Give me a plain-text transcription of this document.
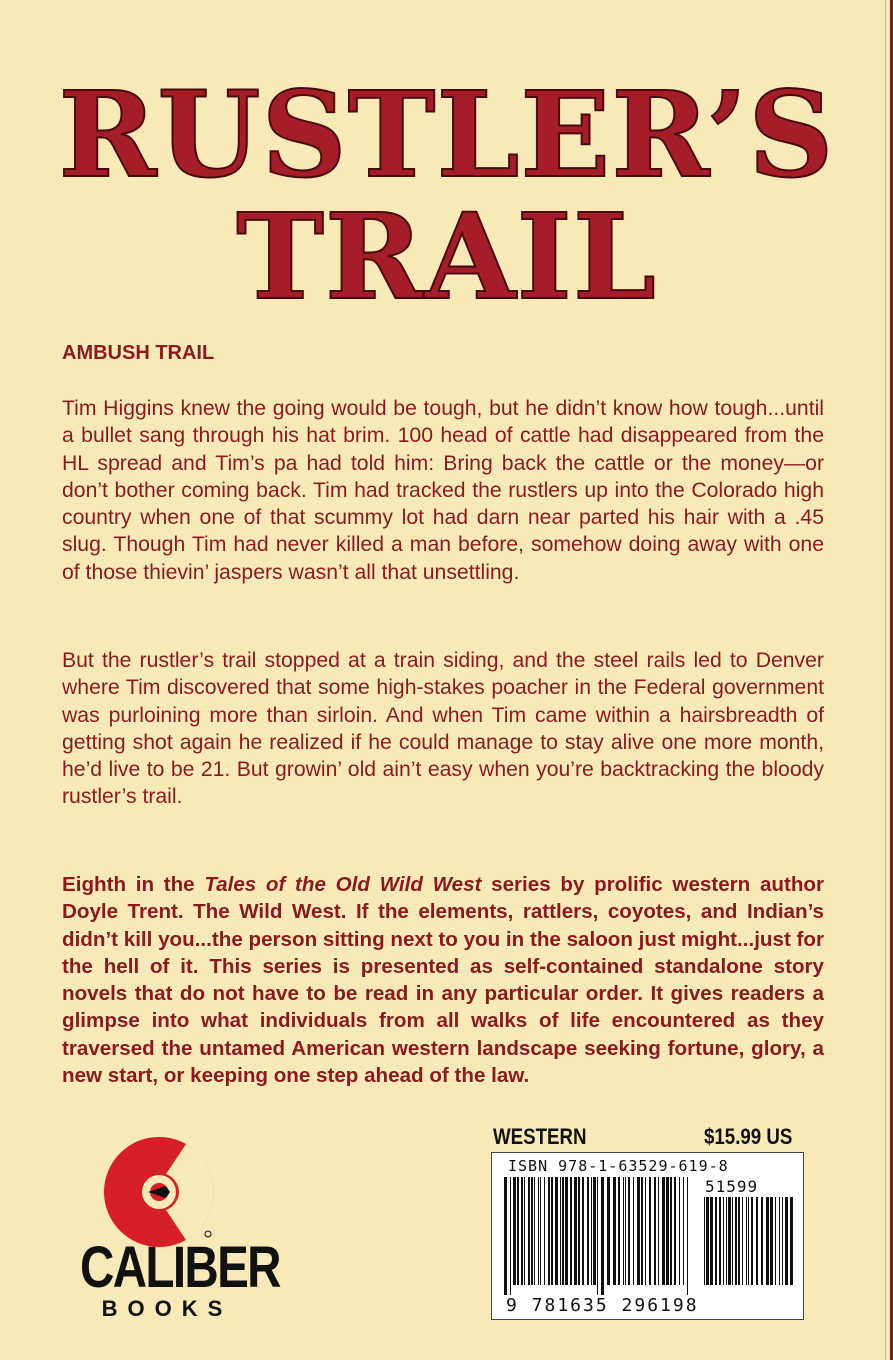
RUSTLER’S
TRAIL
AMBUSH TRAIL

Tim Higgins knew the going would be tough, but he didn’t know how tough...until a bullet sang through his hat brim. 100 head of cattle had disappeared from the HL spread and Tim’s pa had told him: Bring back the cattle or the money—or don’t bother coming back. Tim had tracked the rustlers up into the Colorado high country when one of that scummy lot had darn near parted his hair with a .45 slug. Though Tim had never killed a man before, somehow doing away with one of those thievin’ jaspers wasn’t all that unsettling.

But the rustler’s trail stopped at a train siding, and the steel rails led to Denver where Tim discovered that some high-stakes poacher in the Federal government was purloining more than sirloin. And when Tim came within a hairsbreadth of getting shot again he realized if he could manage to stay alive one more month, he’d live to be 21. But growin’ old ain’t easy when you’re backtracking the bloody rustler’s trail.

Eighth in the Tales of the Old Wild West series by prolific western author Doyle Trent. The Wild West. If the elements, rattlers, coyotes, and Indian’s didn’t kill you...the person sitting next to you in the saloon just might...just for the hell of it. This series is presented as self-contained standalone story novels that do not have to be read in any particular order. It gives readers a glimpse into what individuals from all walks of life encountered as they traversed the untamed American western landscape seeking fortune, glory, a new start, or keeping one step ahead of the law.

CALIBER
BOOKS
WESTERN	$15.99 US
ISBN 978-1-63529-619-8
51599
9 781635 296198
